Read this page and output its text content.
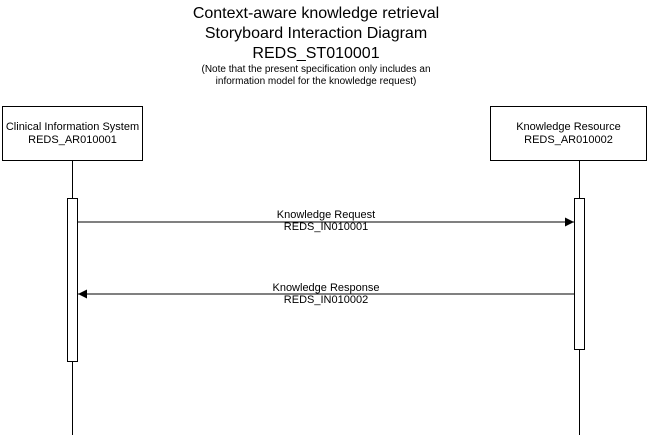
Context-aware knowledge retrieval
Storyboard Interaction Diagram
REDS_ST010001
(Note that the present specification only includes an
information model for the knowledge request)
Clinical Information System
REDS_AR010001
Knowledge Resource
REDS_AR010002
Knowledge Request
REDS_IN010001
Knowledge Response
REDS_IN010002
